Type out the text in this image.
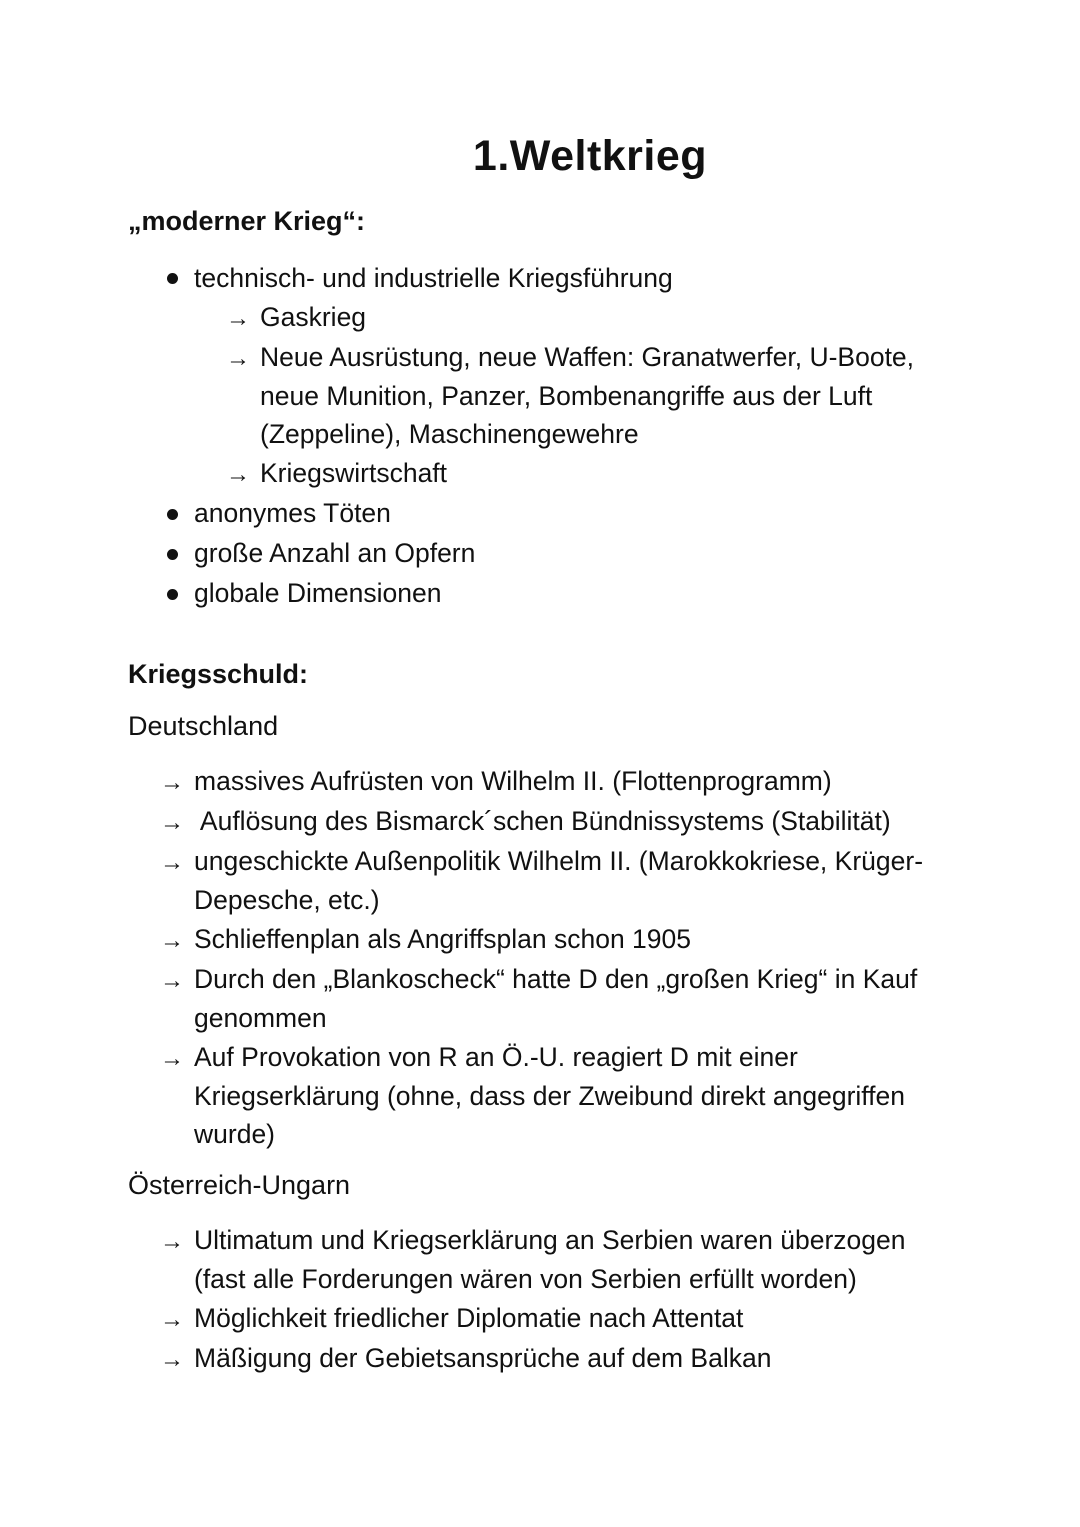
1.Weltkrieg
„moderner Krieg“:
technisch- und industrielle Kriegsführung
→ Gaskrieg
→ Neue Ausrüstung, neue Waffen: Granatwerfer, U-Boote,
neue Munition, Panzer, Bombenangriffe aus der Luft
(Zeppeline), Maschinengewehre
→ Kriegswirtschaft
anonymes Töten
große Anzahl an Opfern
globale Dimensionen
Kriegsschuld:
Deutschland
→ massives Aufrüsten von Wilhelm II. (Flottenprogramm)
→ Auflösung des Bismarck´schen Bündnissystems (Stabilität)
→ ungeschickte Außenpolitik Wilhelm II. (Marokkokriese, Krüger-
Depesche, etc.)
→ Schlieffenplan als Angriffsplan schon 1905
→ Durch den „Blankoscheck“ hatte D den „großen Krieg“ in Kauf
genommen
→ Auf Provokation von R an Ö.-U. reagiert D mit einer
Kriegserklärung (ohne, dass der Zweibund direkt angegriffen
wurde)
Österreich-Ungarn
→ Ultimatum und Kriegserklärung an Serbien waren überzogen
(fast alle Forderungen wären von Serbien erfüllt worden)
→ Möglichkeit friedlicher Diplomatie nach Attentat
→ Mäßigung der Gebietsansprüche auf dem Balkan
